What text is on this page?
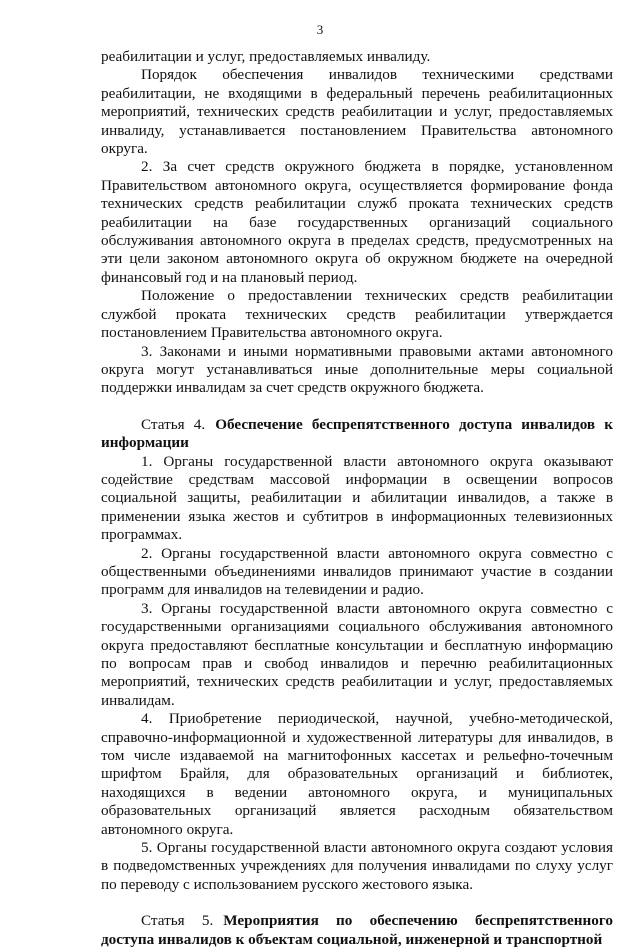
3

реабилитации и услуг, предоставляемых инвалиду.

Порядок обеспечения инвалидов техническими средствами реабилитации, не входящими в федеральный перечень реабилитационных мероприятий, технических средств реабилитации и услуг, предоставляемых инвалиду, устанавливается постановлением Правительства автономного округа.

2. За счет средств окружного бюджета в порядке, установленном Правительством автономного округа, осуществляется формирование фонда технических средств реабилитации служб проката технических средств реабилитации на базе государственных организаций социального обслуживания автономного округа в пределах средств, предусмотренных на эти цели законом автономного округа об окружном бюджете на очередной финансовый год и на плановый период.

Положение о предоставлении технических средств реабилитации службой проката технических средств реабилитации утверждается постановлением Правительства автономного округа.

3. Законами и иными нормативными правовыми актами автономного округа могут устанавливаться иные дополнительные меры социальной поддержки инвалидам за счет средств окружного бюджета.

Статья 4. Обеспечение беспрепятственного доступа инвалидов к информации

1. Органы государственной власти автономного округа оказывают содействие средствам массовой информации в освещении вопросов социальной защиты, реабилитации и абилитации инвалидов, а также в применении языка жестов и субтитров в информационных телевизионных программах.

2. Органы государственной власти автономного округа совместно с общественными объединениями инвалидов принимают участие в создании программ для инвалидов на телевидении и радио.

3. Органы государственной власти автономного округа совместно с государственными организациями социального обслуживания автономного округа предоставляют бесплатные консультации и бесплатную информацию по вопросам прав и свобод инвалидов и перечню реабилитационных мероприятий, технических средств реабилитации и услуг, предоставляемых инвалидам.

4. Приобретение периодической, научной, учебно-методической, справочно-информационной и художественной литературы для инвалидов, в том числе издаваемой на магнитофонных кассетах и рельефно-точечным шрифтом Брайля, для образовательных организаций и библиотек, находящихся в ведении автономного округа, и муниципальных образовательных организаций является расходным обязательством автономного округа.

5. Органы государственной власти автономного округа создают условия в подведомственных учреждениях для получения инвалидами по слуху услуг по переводу с использованием русского жестового языка.

Статья 5. Мероприятия по обеспечению беспрепятственного доступа инвалидов к объектам социальной, инженерной и транспортной
